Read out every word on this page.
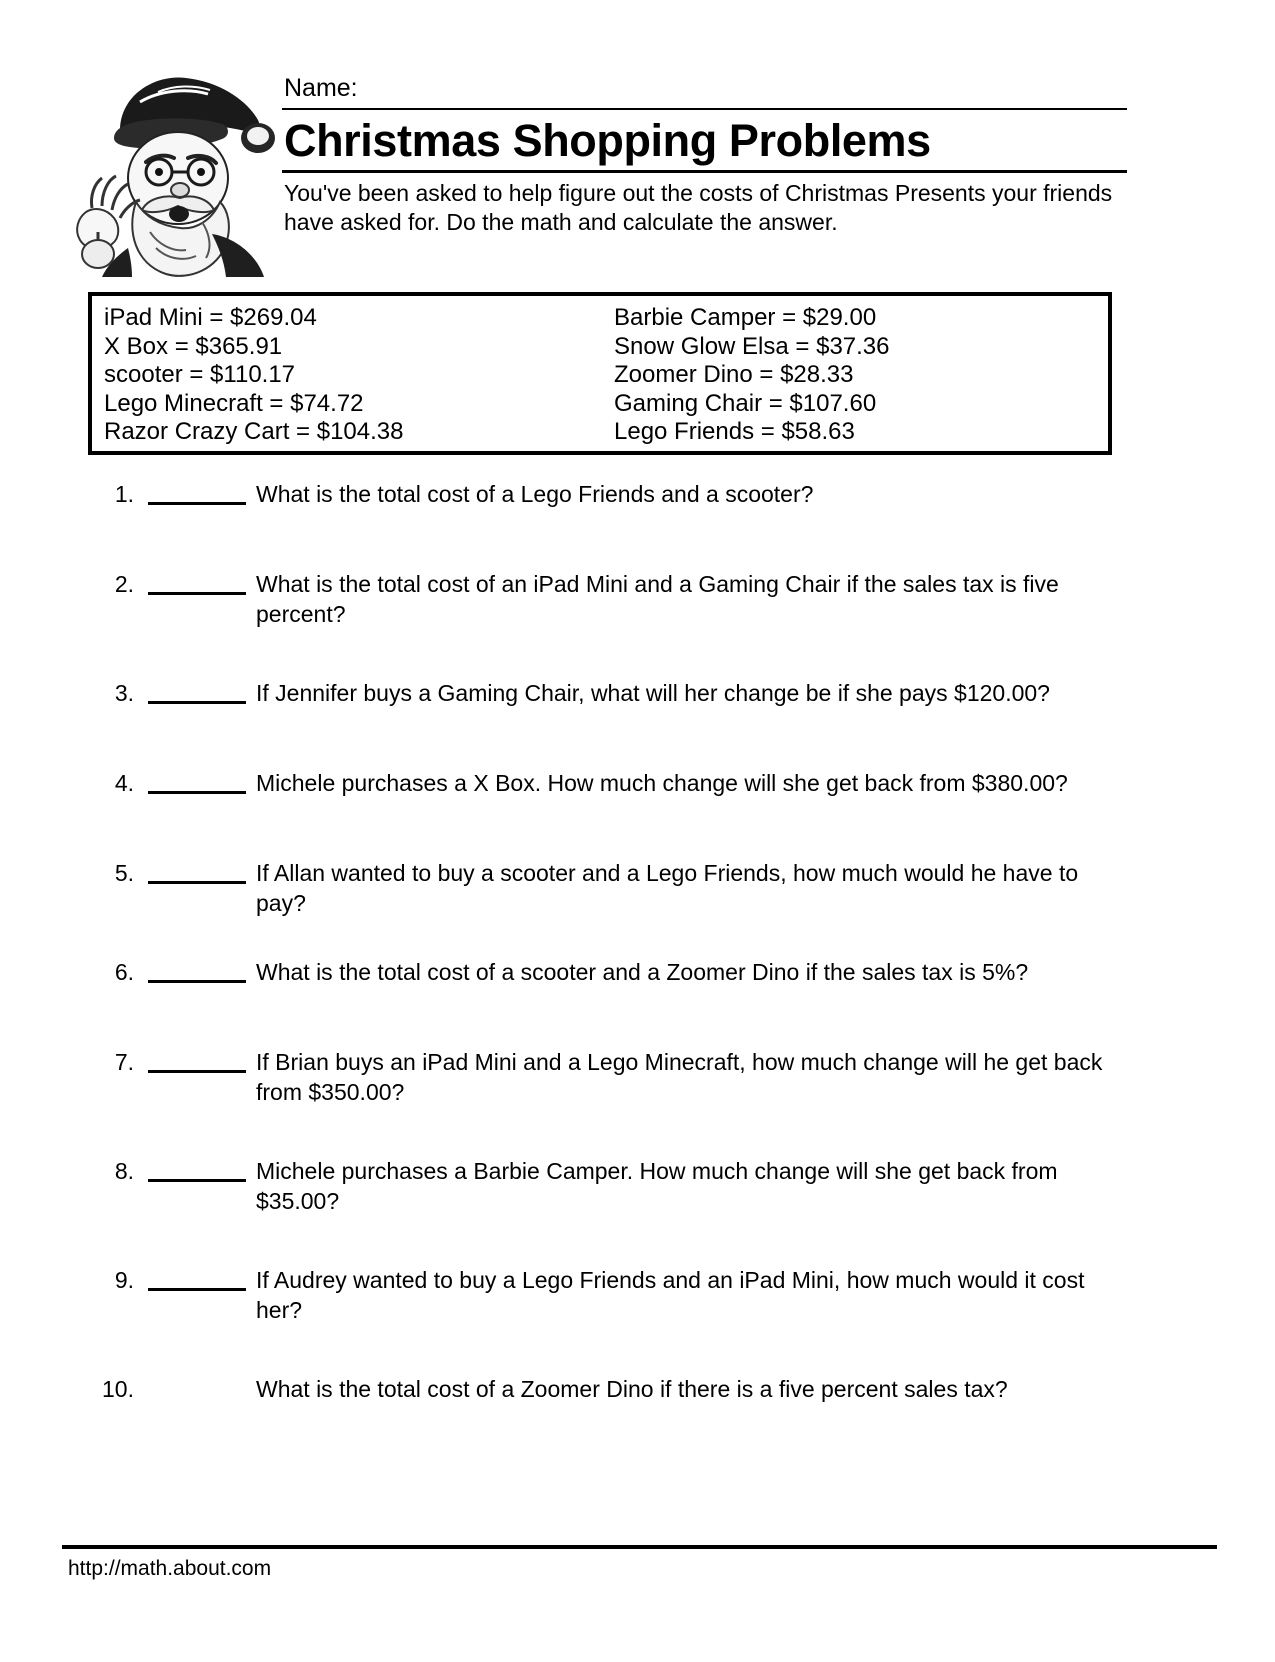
Name:
Christmas Shopping Problems
You've been asked to help figure out the costs of Christmas Presents your friends
have asked for. Do the math and calculate the answer.
iPad Mini = $269.04
X Box = $365.91
scooter = $110.17
Lego Minecraft = $74.72
Razor Crazy Cart = $104.38
Barbie Camper = $29.00
Snow Glow Elsa = $37.36
Zoomer Dino = $28.33
Gaming Chair = $107.60
Lego Friends = $58.63
1.	What is the total cost of a Lego Friends and a scooter?
2.	What is the total cost of an iPad Mini and a Gaming Chair if the sales tax is five
percent?
3.	If Jennifer buys a Gaming Chair, what will her change be if she pays $120.00?
4.	Michele purchases a X Box. How much change will she get back from $380.00?
5.	If Allan wanted to buy a scooter and a Lego Friends, how much would he have to
pay?
6.	What is the total cost of a scooter and a Zoomer Dino if the sales tax is 5%?
7.	If Brian buys an iPad Mini and a Lego Minecraft, how much change will he get back
from $350.00?
8.	Michele purchases a Barbie Camper. How much change will she get back from
$35.00?
9.	If Audrey wanted to buy a Lego Friends and an iPad Mini, how much would it cost
her?
10.	What is the total cost of a Zoomer Dino if there is a five percent sales tax?
http://math.about.com
